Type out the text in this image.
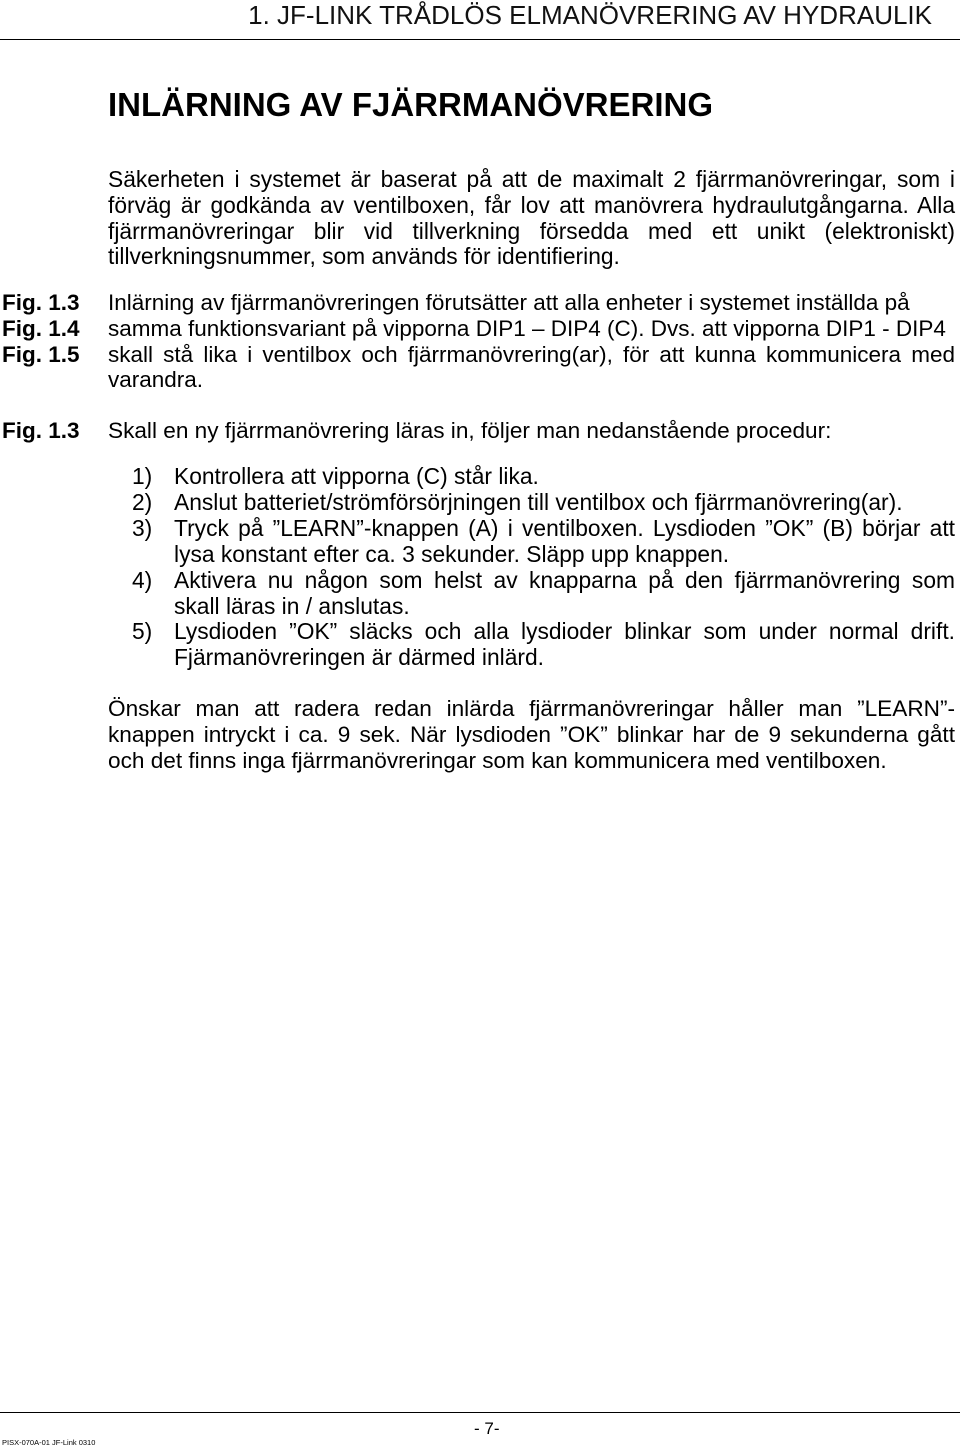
1. JF-LINK TRÅDLÖS ELMANÖVRERING AV HYDRAULIK
INLÄRNING AV FJÄRRMANÖVRERING

Säkerheten i systemet är baserat på att de maximalt 2 fjärrmanövreringar, som i förväg är godkända av ventilboxen, får lov att manövrera hydraulutgångarna. Alla fjärrmanövreringar blir vid tillverkning försedda med ett unikt (elektroniskt) tillverkningsnummer, som används för identifiering.

Fig. 1.3
Fig. 1.4
Fig. 1.5

Inlärning av fjärrmanövreringen förutsätter att alla enheter i systemet inställda på
samma funktionsvariant på vipporna DIP1 – DIP4 (C). Dvs. att vipporna DIP1 - DIP4
skall stå lika i ventilbox och fjärrmanövrering(ar), för att kunna kommunicera med varandra.

Fig. 1.3	Skall en ny fjärrmanövrering läras in, följer man nedanstående procedur:

1) Kontrollera att vipporna (C) står lika.
2) Anslut batteriet/strömförsörjningen till ventilbox och fjärrmanövrering(ar).
3) Tryck på ”LEARN”-knappen (A) i ventilboxen. Lysdioden ”OK” (B) börjar att lysa konstant efter ca. 3 sekunder. Släpp upp knappen.
4) Aktivera nu någon som helst av knapparna på den fjärrmanövrering som skall läras in / anslutas.
5) Lysdioden ”OK” släcks och alla lysdioder blinkar som under normal drift. Fjärmanövreringen är därmed inlärd.

Önskar man att radera redan inlärda fjärrmanövreringar håller man ”LEARN”-knappen intryckt i ca. 9 sek. När lysdioden ”OK” blinkar har de 9 sekunderna gått och det finns inga fjärrmanövreringar som kan kommunicera med ventilboxen.

- 7-
PISX-070A-01 JF-Link 0310
